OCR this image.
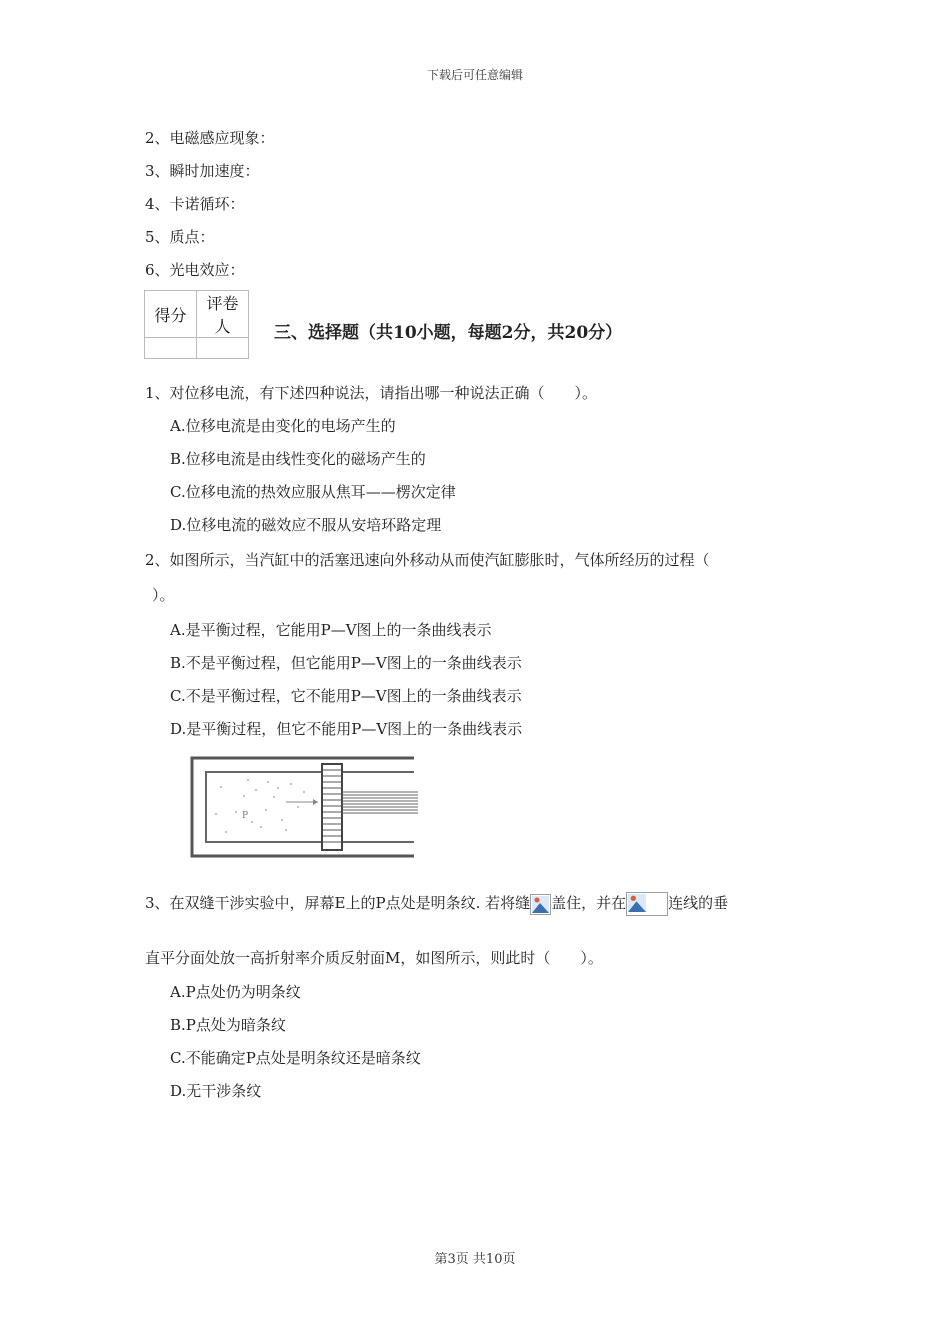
下载后可任意编辑
2、电磁感应现象：
3、瞬时加速度：
4、卡诺循环：
5、质点：
6、光电效应：
得分	评卷人
		三、选择题（共10小题，每题2分，共20分）
1、对位移电流，有下述四种说法，请指出哪一种说法正确（　　）。
A.位移电流是由变化的电场产生的
B.位移电流是由线性变化的磁场产生的
C.位移电流的热效应服从焦耳——楞次定律
D.位移电流的磁效应不服从安培环路定理
2、如图所示，当汽缸中的活塞迅速向外移动从而使汽缸膨胀时，气体所经历的过程（
）。
A.是平衡过程，它能用P—V图上的一条曲线表示
B.不是平衡过程，但它能用P—V图上的一条曲线表示
C.不是平衡过程，它不能用P—V图上的一条曲线表示
D.是平衡过程，但它不能用P—V图上的一条曲线表示
P
3、在双缝干涉实验中，屏幕E上的P点处是明条纹. 若将缝 盖住，并在	连线的垂
直平分面处放一高折射率介质反射面M，如图所示，则此时（　　）。
A.P点处仍为明条纹
B.P点处为暗条纹
C.不能确定P点处是明条纹还是暗条纹
D.无干涉条纹
第3页 共10页
